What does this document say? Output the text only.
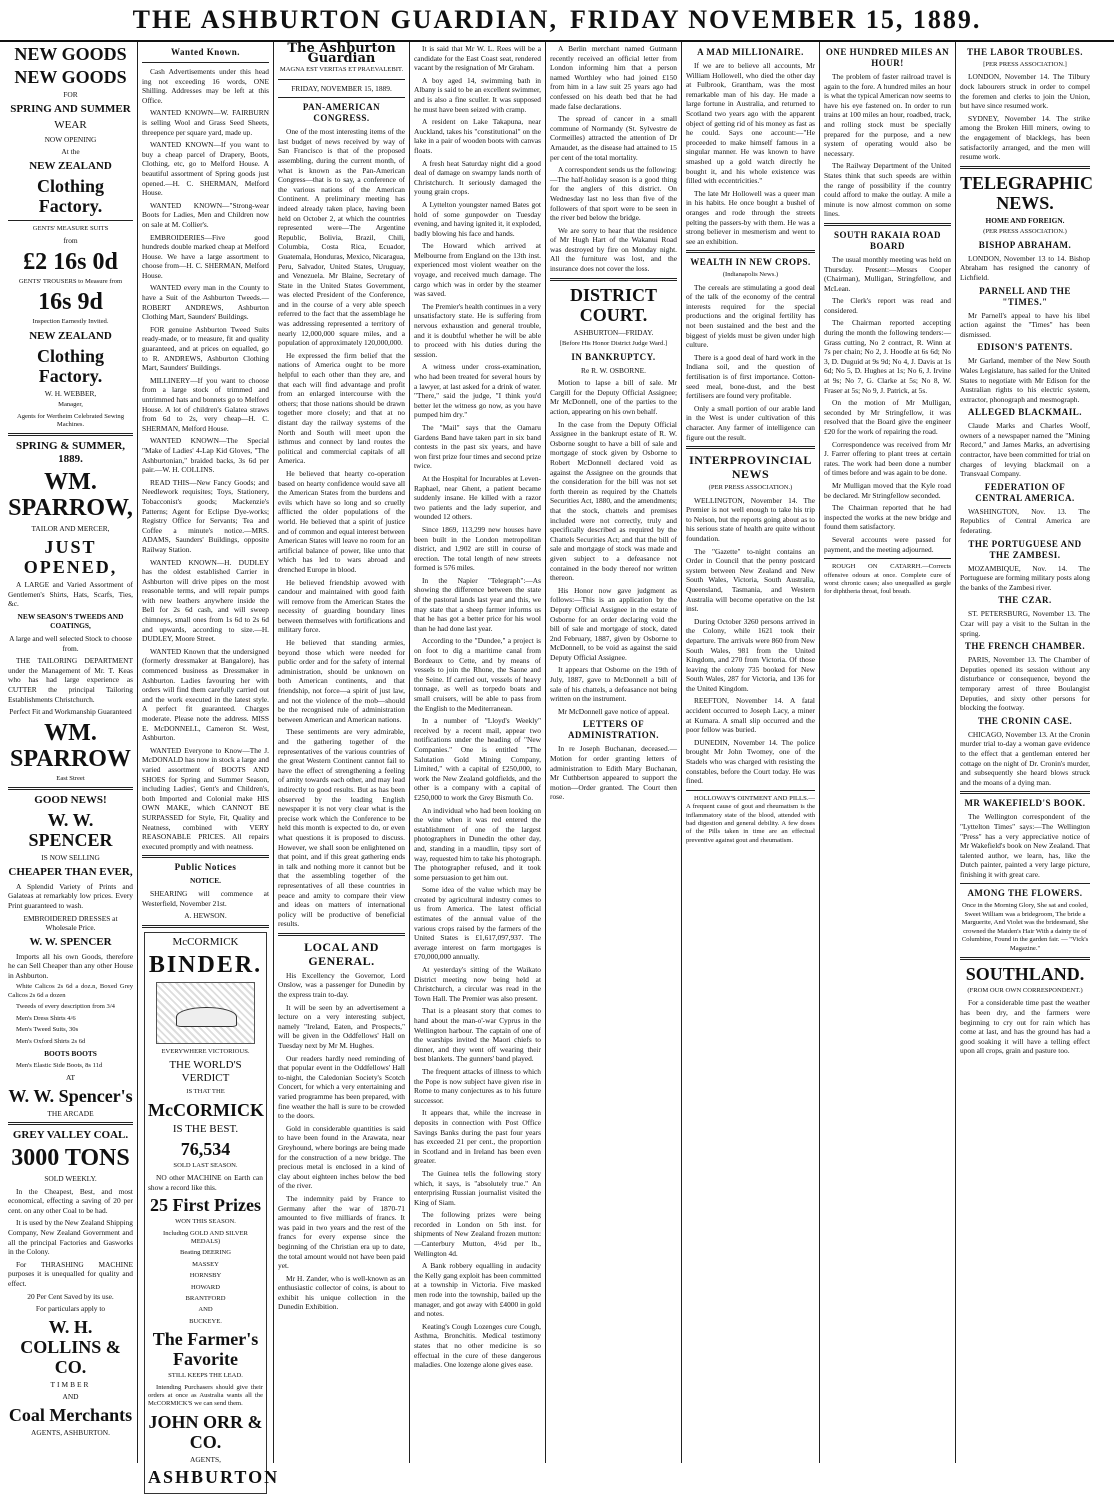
THE ASHBURTON GUARDIAN, FRIDAY NOVEMBER 15, 1889.

NEW GOODS

NEW GOODS

FOR

SPRING AND SUMMER

WEAR

NOW OPENING

At the

NEW ZEALAND

Clothing Factory.

GENTS' MEASURE SUITS

from

£2 16s 0d

GENTS' TROUSERS to Measure from

16s 9d

Inspection Earnestly Invited.

NEW ZEALAND

Clothing Factory.

W. H. WEBBER,

Manager,

Agents for Wertheim Celebrated Sewing Machines.

SPRING & SUMMER, 1889.

WM. SPARROW,

TAILOR AND MERCER,

JUST OPENED,

A LARGE and Varied Assortment of Gentlemen's Shirts, Hats, Scarfs, Ties, &c.

NEW SEASON'S TWEEDS AND COATINGS,

A large and well selected Stock to choose from.

THE TAILORING DEPARTMENT under the Management of Mr. T. Keas who has had large experience as CUTTER the principal Tailoring Establishments Christchurch.

Perfect Fit and Workmanship Guaranteed

WM. SPARROW

East Street

GOOD NEWS!

W. W. SPENCER

IS NOW SELLING

CHEAPER THAN EVER,

A Splendid Variety of Prints and Galateas at remarkably low prices. Every Print guaranteed to wash.

EMBROIDERED DRESSES at Wholesale Price.

W. W. SPENCER

Imports all his own Goods, therefore he can Sell Cheaper than any other House in Ashburton.

White Calicos 2s 6d a doz.n, Boxed Grey Calicos 2s 6d a dozen

Tweeds of every description from 3/4

Men's Dress Shirts 4/6

Men's Tweed Suits, 30s

Men's Oxford Shirts 2s 6d

BOOTS BOOTS

Men's Elastic Side Boots, 8s 11d

AT

W. W. Spencer's

THE ARCADE

GREY VALLEY COAL.

3000 TONS

SOLD WEEKLY.

In the Cheapest, Best, and most economical, effecting a saving of 20 per cent. on any other Coal to be had.

It is used by the New Zealand Shipping Company, New Zealand Government and all the principal Factories and Gasworks in the Colony.

For THRASHING MACHINE purposes it is unequalled for quality and effect.

20 Per Cent Saved by its use.

For particulars apply to

W. H. COLLINS & CO.

TIMBER

AND

Coal Merchants

AGENTS, ASHBURTON.

Wanted Known.

Cash Advertisements under this head ing not exceeding 16 words, ONE Shilling. Addresses may be left at this Office.

WANTED KNOWN—W. FAIRBURN is selling Wool and Grass Seed Sheets, threepence per square yard, made up.

WANTED KNOWN—If you want to buy a cheap parcel of Drapery, Boots, Clothing, etc, go to Melford House. A beautiful assortment of Spring goods just opened.—H. C. SHERMAN, Melford House.

WANTED KNOWN—"Strong-wear Boots for Ladies, Men and Children now on sale at M. Collier's.

EMBROIDERIES—Five good hundreds double marked cheap at Melford House. We have a large assortment to choose from—H. C. SHERMAN, Melford House.

WANTED every man in the County to have a Suit of the Ashburton Tweeds.—ROBERT ANDREWS, Ashburton Clothing Mart, Saunders' Buildings.

FOR genuine Ashburton Tweed Suits ready-made, or to measure, fit and quality guaranteed, and at prices on equalled, go to R. ANDREWS, Ashburton Clothing Mart, Saunders' Buildings.

MILLINERY—If you want to choose from a large stock of trimmed and untrimmed hats and bonnets go to Melford House. A lot of children's Galatea straws from 6d to 2s, very cheap—H. C. SHERMAN, Melford House.

WANTED KNOWN—The Special "Make of Ladies' 4-Lap Kid Gloves, "The Ashburtonian," braided backs, 3s 6d per pair.—W. H. COLLINS.

READ THIS—New Fancy Goods; and Needlework requisites; Toys, Stationery, Tobacconist's goods; Mackenzie's Patterns; Agent for Eclipse Dye-works; Registry Office for Servants; Tea and Coffee a minute's notice.—MRS. ADAMS, Saunders' Buildings, opposite Railway Station.

WANTED KNOWN—H. DUDLEY has the oldest established Carrier in Ashburton will drive pipes on the most reasonable terms, and will repair pumps with new leathers anywhere inside the Bell for 2s 6d cash, and will sweep chimneys, small ones from 1s 6d to 2s 6d and upwards, according to size.—H. DUDLEY, Moore Street.

WANTED Known that the undersigned (formerly dressmaker at Bangalore), has commenced business as Dressmaker in Ashburton. Ladies favouring her with orders will find them carefully carried out and the work executed in the latest style. A perfect fit guaranteed. Charges moderate. Please note the address. MISS E. McDONNELL, Cameron St. West, Ashburton.

WANTED Everyone to Know—The J. McDONALD has now in stock a large and varied assortment of BOOTS AND SHOES for Spring and Summer Season, including Ladies', Gent's and Children's, both Imported and Colonial make HIS OWN MAKE, which CANNOT BE SURPASSED for Style, Fit, Quality and Neatness, combined with VERY REASONABLE PRICES. All repairs executed promptly and with neatness.

Public Notices

NOTICE.

SHEARING will commence at Westerfield, November 21st.

A. HEWSON.

McCORMICK

BINDER.

EVERYWHERE VICTORIOUS.

THE WORLD'S VERDICT

IS THAT THE

McCORMICK

IS THE BEST.

76,534

SOLD LAST SEASON.

NO other MACHINE on Earth can show a record like this.

25 First Prizes

WON THIS SEASON.

Including GOLD AND SILVER MEDALS)

Beating DEERING

MASSEY

HORNSBY

HOWARD

BRANTFORD

AND

BUCKEYE.

The Farmer's Favorite

STILL KEEPS THE LEAD.

Intending Purchasers should give their orders at once as Australia wants all the McCORMICK'S we can send them.

JOHN ORR & CO.

AGENTS,

ASHBURTON

The Ashburton Guardian

MAGNA EST VERITAS ET PRAEVALEBIT.

FRIDAY, NOVEMBER 15, 1889.

PAN-AMERICAN CONGRESS.

One of the most interesting items of the last budget of news received by way of San Francisco is that of the proposed assembling, during the current month, of what is known as the Pan-American Congress—that is to say, a conference of the various nations of the American Continent. A preliminary meeting has indeed already taken place, having been held on October 2, at which the countries represented were—The Argentine Republic, Bolivia, Brazil, Chili, Columbia, Costa Rica, Ecuador, Guatemala, Honduras, Mexico, Nicaragua, Peru, Salvador, United States, Uruguay, and Venezuela. Mr Blaine, Secretary of State in the United States Government, was elected President of the Conference, and in the course of a very able speech referred to the fact that the assemblage he was addressing represented a territory of nearly 12,000,000 square miles, and a population of approximately 120,000,000.

He expressed the firm belief that the nations of America ought to be more helpful to each other than they are, and that each will find advantage and profit from an enlarged intercourse with the others; that those nations should be drawn together more closely; and that at no distant day the railway systems of the North and South will meet upon the isthmus and connect by land routes the political and commercial capitals of all America.

He believed that hearty co-operation based on hearty confidence would save all the American States from the burdens and evils which have so long and so cruelly afflicted the older populations of the world. He believed that a spirit of justice and of common and equal interest between American States will leave no room for an artificial balance of power, like unto that which has led to wars abroad and drenched Europe in blood.

He believed friendship avowed with candour and maintained with good faith will remove from the American States the necessity of guarding boundary lines between themselves with fortifications and military force.

He believed that standing armies, beyond those which were needed for public order and for the safety of internal administration, should be unknown on both American continents, and that friendship, not force—a spirit of just law, and not the violence of the mob—should be the recognised rule of administration between American and American nations.

These sentiments are very admirable, and the gathering together of the representatives of the various countries of the great Western Continent cannot fail to have the effect of strengthening a feeling of amity towards each other, and may lead indirectly to good results. But as has been observed by the leading English newspaper it is not very clear what is the precise work which the Conference to be held this month is expected to do, or even what questions it is proposed to discuss. However, we shall soon be enlightened on that point, and if this great gathering ends in talk and nothing more it cannot but be that the assembling together of the representatives of all these countries in peace and amity to compare their view and ideas on matters of international policy will be productive of beneficial results.

LOCAL AND GENERAL.

His Excellency the Governor, Lord Onslow, was a passenger for Dunedin by the express train to-day.

It will be seen by an advertisement a lecture on a very interesting subject, namely "Ireland, Eaten, and Prospects," will be given in the Oddfellows' Hall on Tuesday next by Mr M. Hughes.

Our readers hardly need reminding of that popular event in the Oddfellows' Hall to-night, the Caledonian Society's Scotch Concert, for which a very entertaining and varied programme has been prepared, with fine weather the hall is sure to be crowded to the doors.

Gold in considerable quantities is said to have been found in the Arawata, near Greyhound, where borings are being made for the construction of a new bridge. The precious metal is enclosed in a kind of clay about eighteen inches below the bed of the river.

The indemnity paid by France to Germany after the war of 1870-71 amounted to five milliards of francs. It was paid in two years and the rest of the francs for every expense since the beginning of the Christian era up to date, the total amount would not have been paid yet.

Mr H. Zander, who is well-known as an enthusiastic collector of coins, is about to exhibit his unique collection in the Dunedin Exhibition.

It is said that Mr W. L. Rees will be a candidate for the East Coast seat, rendered vacant by the resignation of Mr Graham.

A boy aged 14, swimming bath in Albany is said to be an excellent swimmer, and is also a fine sculler. It was supposed he must have been seized with cramp.

A resident on Lake Takapuna, near Auckland, takes his "constitutional" on the lake in a pair of wooden boots with canvas floats.

A fresh heat Saturday night did a good deal of damage on swampy lands north of Christchurch. It seriously damaged the young grain crops.

A Lyttelton youngster named Bates got hold of some gunpowder on Tuesday evening, and having ignited it, it exploded, badly blowing his face and hands.

The Howard which arrived at Melbourne from England on the 13th inst. experienced most violent weather on the voyage, and received much damage. The cargo which was in order by the steamer was saved.

The Premier's health continues in a very unsatisfactory state. He is suffering from nervous exhaustion and general trouble, and it is doubtful whether he will be able to proceed with his duties during the session.

A witness under cross-examination, who had been treated for several hours by a lawyer, at last asked for a drink of water. "There," said the judge, "I think you'd better let the witness go now, as you have pumped him dry."

The "Mail" says that the Oamaru Gardens Band have taken part in six band contests in the past six years, and have won first prize four times and second prize twice.

At the Hospital for Incurables at Leven-Raphael, near Ghent, a patient became suddenly insane. He killed with a razor two patients and the lady superior, and wounded 12 others.

Since 1869, 113,299 new houses have been built in the London metropolitan district, and 1,902 are still in course of erection. The total length of new streets formed is 576 miles.

In the Napier "Telegraph":—As showing the difference between the state of the pastoral lands last year and this, we may state that a sheep farmer informs us that he has got a better price for his wool than he had done last year.

According to the "Dundee," a project is on foot to dig a maritime canal from Bordeaux to Cette, and by means of vessels to join the Rhone, the Saone and the Seine. If carried out, vessels of heavy tonnage, as well as torpedo boats and small cruisers, will be able to pass from the English to the Mediterranean.

In a number of "Lloyd's Weekly" received by a recent mail, appear two notifications under the heading of "New Companies." One is entitled "The Salutation Gold Mining Company, Limited," with a capital of £250,000, to work the New Zealand goldfields, and the other is a company with a capital of £250,000 to work the Grey Bismuth Co.

An individual who had been looking on the wine when it was red entered the establishment of one of the largest photographers in Dunedin the other day, and, standing in a maudlin, tipsy sort of way, requested him to take his photograph. The photographer refused, and it took some persuasion to get him out.

Some idea of the value which may be created by agricultural industry comes to us from America. The latest official estimates of the annual value of the various crops raised by the farmers of the United States is £1,617,097,937. The average interest on farm mortgages is £70,000,000 annually.

At yesterday's sitting of the Waikato District meeting now being held at Christchurch, a circular was read in the Town Hall. The Premier was also present.

That is a pleasant story that comes to hand about the man-o'-war Cyprus in the Wellington harbour. The captain of one of the warships invited the Maori chiefs to dinner, and they went off wearing their best blankets. The gunners' band played.

The frequent attacks of illness to which the Pope is now subject have given rise in Rome to many conjectures as to his future successor.

It appears that, while the increase in deposits in connection with Post Office Savings Banks during the past four years has exceeded 21 per cent., the proportion in Scotland and in Ireland has been even greater.

The Guinea tells the following story which, it says, is "absolutely true." An enterprising Russian journalist visited the King of Siam.

The following prizes were being recorded in London on 5th inst. for shipments of New Zealand frozen mutton:—Canterbury Mutton, 4½d per lb., Wellington 4d.

A Bank robbery equalling in audacity the Kelly gang exploit has been committed at a township in Victoria. Five masked men rode into the township, bailed up the manager, and got away with £4000 in gold and notes.

Keating's Cough Lozenges cure Cough, Asthma, Bronchitis. Medical testimony states that no other medicine is so effectual in the cure of these dangerous maladies. One lozenge alone gives ease.

A Berlin merchant named Gutmann recently received an official letter from London informing him that a person named Worthley who had joined £150 from him in a law suit 25 years ago had confessed on his death bed that he had made false declarations.

The spread of cancer in a small commune of Normandy (St. Sylvestre de Cormeilles) attracted the attention of Dr Arnaudet, as the disease had attained to 15 per cent of the total mortality.

A correspondent sends us the following:—The half-holiday season is a good thing for the anglers of this district. On Wednesday last no less than five of the followers of that sport were to be seen in the river bed below the bridge.

We are sorry to hear that the residence of Mr Hugh Hart of the Wakanui Road was destroyed by fire on Monday night. All the furniture was lost, and the insurance does not cover the loss.

DISTRICT COURT.

ASHBURTON—FRIDAY.

[Before His Honor District Judge Ward.]

IN BANKRUPTCY.

Re R. W. OSBORNE.

Motion to lapse a bill of sale. Mr Cargill for the Deputy Official Assignee; Mr McDonnell, one of the parties to the action, appearing on his own behalf.

In the case from the Deputy Official Assignee in the bankrupt estate of R. W. Osborne sought to have a bill of sale and mortgage of stock given by Osborne to Robert McDonnell declared void as against the Assignee on the grounds that the consideration for the bill was not set forth therein as required by the Chattels Securities Act, 1880, and the amendments; that the stock, chattels and premises included were not correctly, truly and specifically described as required by the Chattels Securities Act; and that the bill of sale and mortgage of stock was made and given subject to a defeasance not contained in the body thereof nor written thereon.

His Honor now gave judgment as follows:—This is an application by the Deputy Official Assignee in the estate of Osborne for an order declaring void the bill of sale and mortgage of stock, dated 2nd February, 1887, given by Osborne to McDonnell, to be void as against the said Deputy Official Assignee.

It appears that Osborne on the 19th of July, 1887, gave to McDonnell a bill of sale of his chattels, a defeasance not being written on the instrument.

Mr McDonnell gave notice of appeal.

LETTERS OF ADMINISTRATION.

In re Joseph Buchanan, deceased.—Motion for order granting letters of administration to Edith Mary Buchanan, Mr Cuthbertson appeared to support the motion—Order granted. The Court then rose.

A MAD MILLIONAIRE.

If we are to believe all accounts, Mr William Hollowell, who died the other day at Fulbrook, Grantham, was the most remarkable man of his day. He made a large fortune in Australia, and returned to Scotland two years ago with the apparent object of getting rid of his money as fast as he could. Says one account:—"He proceeded to make himself famous in a singular manner. He was known to have smashed up a gold watch directly he bought it, and his whole existence was filled with eccentricities."

The late Mr Hollowell was a queer man in his habits. He once bought a bushel of oranges and rode through the streets pelting the passers-by with them. He was a strong believer in mesmerism and went to see an exhibition.

WEALTH IN NEW CROPS.

(Indianapolis News.)

The cereals are stimulating a good deal of the talk of the economy of the central interests required for the special productions and the original fertility has not been sustained and the best and the biggest of yields must be given under high culture.

There is a good deal of hard work in the Indiana soil, and the question of fertilisation is of first importance. Cotton-seed meal, bone-dust, and the best fertilisers are found very profitable.

Only a small portion of our arable land in the West is under cultivation of this character. Any farmer of intelligence can figure out the result.

INTERPROVINCIAL NEWS

(PER PRESS ASSOCIATION.)

WELLINGTON, November 14. The Premier is not well enough to take his trip to Nelson, but the reports going about as to his serious state of health are quite without foundation.

The "Gazette" to-night contains an Order in Council that the penny postcard system between New Zealand and New South Wales, Victoria, South Australia, Queensland, Tasmania, and Western Australia will become operative on the 1st inst.

During October 3260 persons arrived in the Colony, while 1621 took their departure. The arrivals were 860 from New South Wales, 981 from the United Kingdom, and 270 from Victoria. Of those leaving the colony 735 booked for New South Wales, 287 for Victoria, and 136 for the United Kingdom.

REEFTON, November 14. A fatal accident occurred to Joseph Lacy, a miner at Kumara. A small slip occurred and the poor fellow was buried.

DUNEDIN, November 14. The police brought Mr John Twomey, one of the Stadels who was charged with resisting the constables, before the Court today. He was fined.

HOLLOWAY'S OINTMENT AND PILLS.—A frequent cause of gout and rheumatism is the inflammatory state of the blood, attended with bad digestion and general debility. A few doses of the Pills taken in time are an effectual preventive against gout and rheumatism.

ONE HUNDRED MILES AN HOUR!

The problem of faster railroad travel is again to the fore. A hundred miles an hour is what the typical American now seems to have his eye fastened on. In order to run trains at 100 miles an hour, roadbed, track, and rolling stock must be specially prepared for the purpose, and a new system of operating would also be necessary.

The Railway Department of the United States think that such speeds are within the range of possibility if the country could afford to make the outlay. A mile a minute is now almost common on some lines.

SOUTH RAKAIA ROAD BOARD

The usual monthly meeting was held on Thursday. Present:—Messrs Cooper (Chairman), Mulligan, Stringfellow, and McLean.

The Clerk's report was read and considered.

The Chairman reported accepting during the month the following tenders:—Grass cutting, No 2 contract, R. Winn at 7s per chain; No 2, J. Hoodle at 6s 6d; No 3, D. Duguid at 9s 9d; No 4, J. Davis at 1s 6d; No 5, D. Hughes at 1s; No 6, J. Irvine at 9s; No 7, G. Clarke at 5s; No 8, W. Fraser at 5s; No 9, J. Patrick, at 5s.

On the motion of Mr Mulligan, seconded by Mr Stringfellow, it was resolved that the Board give the engineer £20 for the work of repairing the road.

Correspondence was received from Mr J. Farrer offering to plant trees at certain rates. The work had been done a number of times before and was again to be done.

Mr Mulligan moved that the Kyle road be declared. Mr Stringfellow seconded.

The Chairman reported that he had inspected the works at the new bridge and found them satisfactory.

Several accounts were passed for payment, and the meeting adjourned.

ROUGH ON CATARRH.—Corrects offensive odours at once. Complete cure of worst chronic cases; also unequalled as gargle for diphtheria throat, foul breath.

THE LABOR TROUBLES.

[PER PRESS ASSOCIATION.]

LONDON, November 14. The Tilbury dock labourers struck in order to compel the foremen and clerks to join the Union, but have since resumed work.

SYDNEY, November 14. The strike among the Broken Hill miners, owing to the engagement of blacklegs, has been satisfactorily arranged, and the men will resume work.

TELEGRAPHIC NEWS.

HOME AND FOREIGN.

(PER PRESS ASSOCIATION.)

BISHOP ABRAHAM.

LONDON, November 13 to 14. Bishop Abraham has resigned the canonry of Lichfield.

PARNELL AND THE "TIMES."

Mr Parnell's appeal to have his libel action against the "Times" has been dismissed.

EDISON'S PATENTS.

Mr Garland, member of the New South Wales Legislature, has sailed for the United States to negotiate with Mr Edison for the Australian rights to his electric system, extractor, phonograph and mesmograph.

ALLEGED BLACKMAIL.

Claude Marks and Charles Woolf, owners of a newspaper named the "Mining Record," and James Marks, an advertising contractor, have been committed for trial on charges of levying blackmail on a Transvaal Company.

FEDERATION OF CENTRAL AMERICA.

WASHINGTON, Nov. 13. The Republics of Central America are federating.

THE PORTUGUESE AND THE ZAMBESI.

MOZAMBIQUE, Nov. 14. The Portuguese are forming military posts along the banks of the Zambesi river.

THE CZAR.

ST. PETERSBURG, November 13. The Czar will pay a visit to the Sultan in the spring.

THE FRENCH CHAMBER.

PARIS, November 13. The Chamber of Deputies opened its session without any disturbance or consequence, beyond the temporary arrest of three Boulangist Deputies, and sixty other persons for blocking the footway.

THE CRONIN CASE.

CHICAGO, November 13. At the Cronin murder trial to-day a woman gave evidence to the effect that a gentleman entered her cottage on the night of Dr. Cronin's murder, and subsequently she heard blows struck and the moans of a dying man.

MR WAKEFIELD'S BOOK.

The Wellington correspondent of the "Lyttelton Times" says:—The Wellington "Press" has a very appreciative notice of Mr Wakefield's book on New Zealand. That talented author, we learn, has, like the Dutch painter, painted a very large picture, finishing it with great care.

AMONG THE FLOWERS.

Once in the Morning Glory, She sat and cooled, Sweet William was a bridegroom, The bride a Marguerite, And Violet was the bridesmaid, She crowned the Maiden's Hair With a dainty tie of Columbine, Found in the garden fair. — "Vick's Magazine."

SOUTHLAND.

(FROM OUR OWN CORRESPONDENT.)

For a considerable time past the weather has been dry, and the farmers were beginning to cry out for rain which has come at last, and has the ground has had a good soaking it will have a telling effect upon all crops, grain and pasture too.
